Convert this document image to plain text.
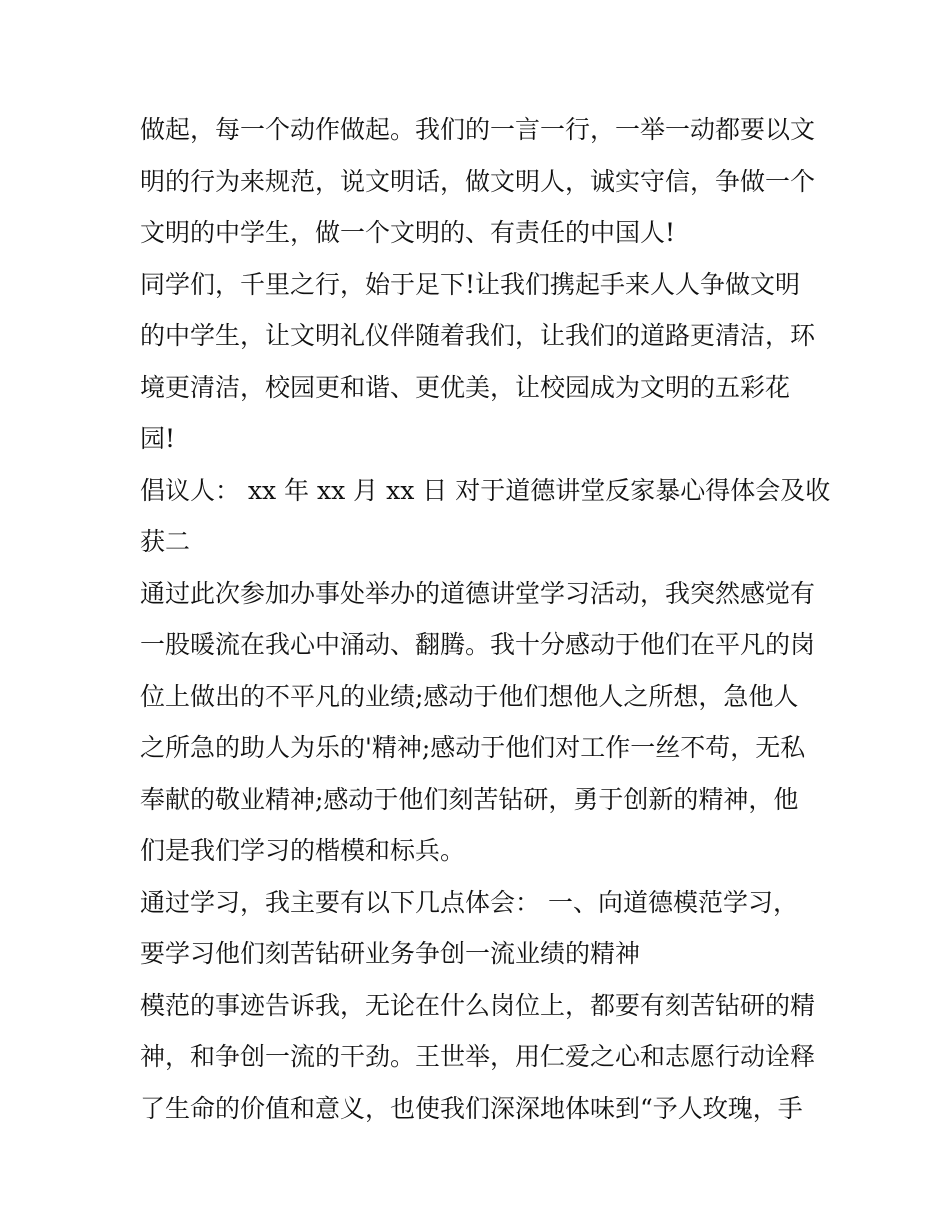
做起，每一个动作做起。我们的一言一行，一举一动都要以文
明的行为来规范，说文明话，做文明人，诚实守信，争做一个
文明的中学生，做一个文明的、有责任的中国人!
同学们，千里之行，始于足下!让我们携起手来人人争做文明
的中学生，让文明礼仪伴随着我们，让我们的道路更清洁，环
境更清洁，校园更和谐、更优美，让校园成为文明的五彩花
园!
倡议人： xx 年 xx 月 xx 日 对于道德讲堂反家暴心得体会及收
获二
通过此次参加办事处举办的道德讲堂学习活动，我突然感觉有
一股暖流在我心中涌动、翻腾。我十分感动于他们在平凡的岗
位上做出的不平凡的业绩;感动于他们想他人之所想，急他人
之所急的助人为乐的'精神;感动于他们对工作一丝不苟，无私
奉献的敬业精神;感动于他们刻苦钻研，勇于创新的精神，他
们是我们学习的楷模和标兵。
通过学习，我主要有以下几点体会： 一、向道德模范学习，
要学习他们刻苦钻研业务争创一流业绩的精神
模范的事迹告诉我，无论在什么岗位上，都要有刻苦钻研的精
神，和争创一流的干劲。王世举，用仁爱之心和志愿行动诠释
了生命的价值和意义，也使我们深深地体味到“予人玫瑰，手
